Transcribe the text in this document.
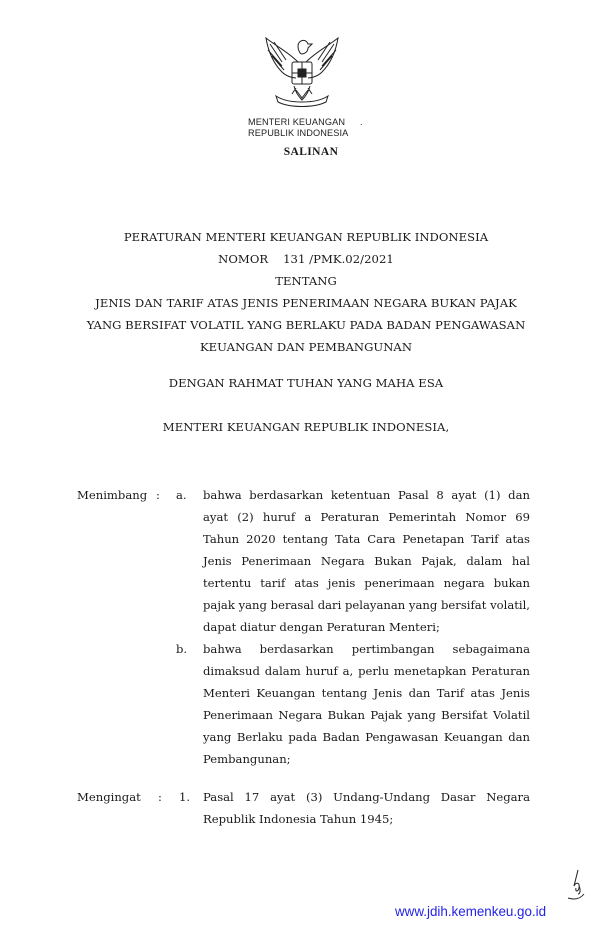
MENTERI KEUANGAN
REPUBLIK INDONESIA
.
SALINAN
PERATURAN MENTERI KEUANGAN REPUBLIK INDONESIA
NOMOR    131 /PMK.02/2021
TENTANG
JENIS DAN TARIF ATAS JENIS PENERIMAAN NEGARA BUKAN PAJAK
YANG BERSIFAT VOLATIL YANG BERLAKU PADA BADAN PENGAWASAN
KEUANGAN DAN PEMBANGUNAN
DENGAN RAHMAT TUHAN YANG MAHA ESA
MENTERI KEUANGAN REPUBLIK INDONESIA,
Menimbang : a. bahwa berdasarkan ketentuan Pasal 8 ayat (1) dan
ayat (2) huruf a Peraturan Pemerintah Nomor 69
Tahun 2020 tentang Tata Cara Penetapan Tarif atas
Jenis Penerimaan Negara Bukan Pajak, dalam hal
tertentu tarif atas jenis penerimaan negara bukan
pajak yang berasal dari pelayanan yang bersifat volatil,
dapat diatur dengan Peraturan Menteri;
b. bahwa berdasarkan pertimbangan sebagaimana
dimaksud dalam huruf a, perlu menetapkan Peraturan
Menteri Keuangan tentang Jenis dan Tarif atas Jenis
Penerimaan Negara Bukan Pajak yang Bersifat Volatil
yang Berlaku pada Badan Pengawasan Keuangan dan
Pembangunan;
Mengingat : 1. Pasal 17 ayat (3) Undang-Undang Dasar Negara
Republik Indonesia Tahun 1945;
www.jdih.kemenkeu.go.id
